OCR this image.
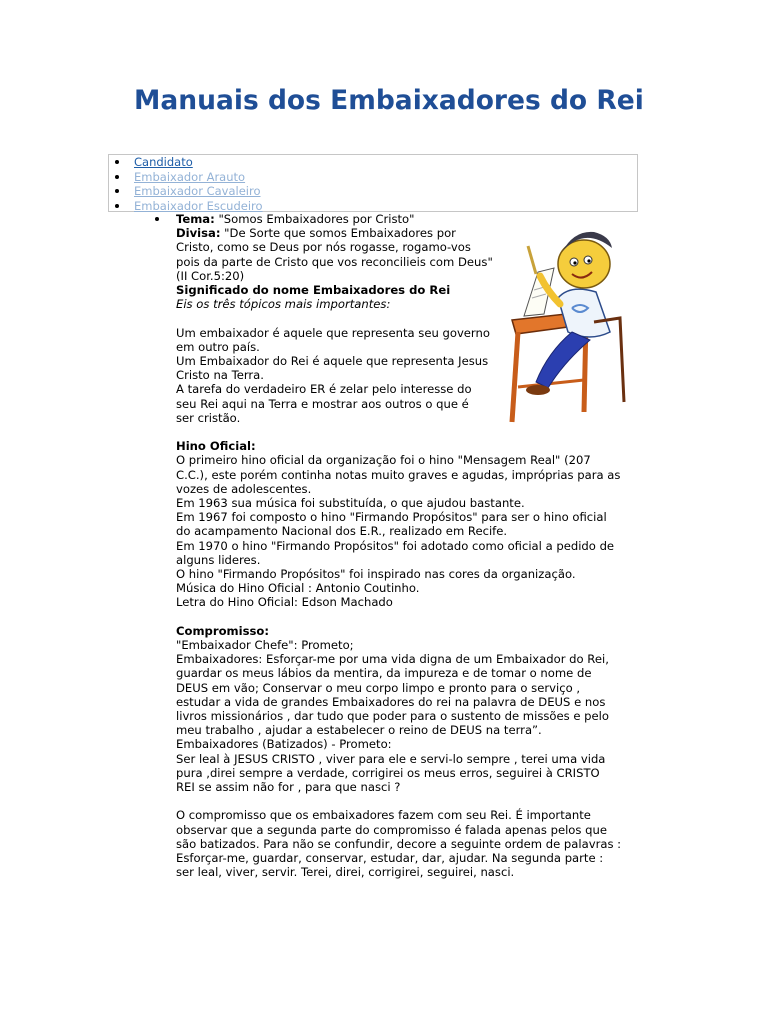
Manuais dos Embaixadores do Rei
Candidato
Embaixador Arauto
Embaixador Cavaleiro
Embaixador Escudeiro

Tema: "Somos Embaixadores por Cristo"

Divisa: "De Sorte que somos Embaixadores por

Cristo, como se Deus por nós rogasse, rogamo-vos

pois da parte de Cristo que vos reconcilieis com Deus"

(II Cor.5:20)

Significado do nome Embaixadores do Rei

Eis os três tópicos mais importantes:

Um embaixador é aquele que representa seu governo

em outro país.

Um Embaixador do Rei é aquele que representa Jesus

Cristo na Terra.

A tarefa do verdadeiro ER é zelar pelo interesse do

seu Rei aqui na Terra e mostrar aos outros o que é

ser cristão.

Hino Oficial:

O primeiro hino oficial da organização foi o hino "Mensagem Real" (207

C.C.), este porém continha notas muito graves e agudas, impróprias para as

vozes de adolescentes.

Em 1963 sua música foi substituída, o que ajudou bastante.

Em 1967 foi composto o hino "Firmando Propósitos" para ser o hino oficial

do acampamento Nacional dos E.R., realizado em Recife.

Em 1970 o hino "Firmando Propósitos" foi adotado como oficial a pedido de

alguns lideres.

O hino "Firmando Propósitos" foi inspirado nas cores da organização.

Música do Hino Oficial : Antonio Coutinho.

Letra do Hino Oficial: Edson Machado

Compromisso:

"Embaixador Chefe": Prometo;

Embaixadores: Esforçar-me por uma vida digna de um Embaixador do Rei,

guardar os meus lábios da mentira, da impureza e de tomar o nome de

DEUS em vão; Conservar o meu corpo limpo e pronto para o serviço ,

estudar a vida de grandes Embaixadores do rei na palavra de DEUS e nos

livros missionários , dar tudo que poder para o sustento de missões e pelo

meu trabalho , ajudar a estabelecer o reino de DEUS na terra”.

Embaixadores (Batizados) - Prometo:

Ser leal à JESUS CRISTO , viver para ele e servi-lo sempre , terei uma vida

pura ,direi sempre a verdade, corrigirei os meus erros, seguirei à CRISTO

REI se assim não for , para que nasci ?

O compromisso que os embaixadores fazem com seu Rei. É importante

observar que a segunda parte do compromisso é falada apenas pelos que

são batizados. Para não se confundir, decore a seguinte ordem de palavras :

Esforçar-me, guardar, conservar, estudar, dar, ajudar. Na segunda parte :

ser leal, viver, servir. Terei, direi, corrigirei, seguirei, nasci.
